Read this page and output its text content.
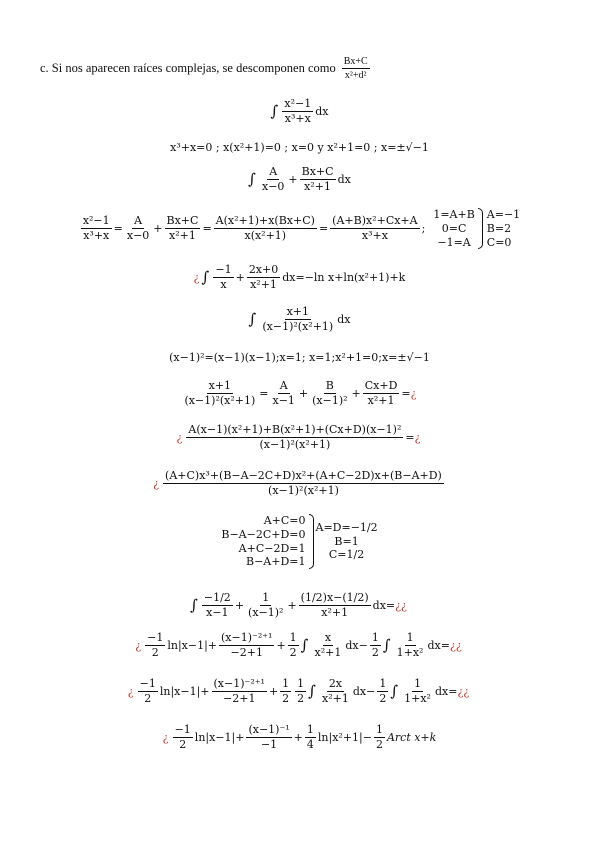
c. Si nos aparecen raíces complejas, se descomponen como $\frac{Bx+C}{\text{x²+d²}}$
∫ $\frac{\text{x²−1}}{\text{x³+x}}$ dx
x³+x=0 ; x(x²+1)=0 ; x=0 y x²+1=0 ; x=±√−1
∫ $\frac{A}{x-0} + \frac{Bx+C}{\text{x²+1}}$ dx
$\frac{\text{x²−1}}{\text{x³+x}} = \frac{A}{x-0} + \frac{Bx+C}{\text{x²+1}} = \frac{\text{A(x²+1)+x(Bx+C)}}{\text{x(x²+1)}} = \frac{\text{(A+B)x²+Cx+A}}{\text{x³+x}}$ ;
1=A+B
0=C
−1=A
A=−1
B=2
C=0
¿ ∫ $\frac{-1}{x} + \frac{2x+0}{\text{x²+1}} dx=-\ln$ x+ln(x²+1)+k
∫ $\frac{x+1}{\text{(x−1)²(x²+1)}}$ dx
(x−1)²=(x−1)(x−1);x=1; x=1;x²+1=0;x=±√−1
$\frac{x+1}{\text{(x−1)²(x²+1)}} = \frac{A}{x-1} + \frac{B}{\text{(x−1)²}} + \frac{Cx+D}{\text{x²+1}}$ = ¿
¿ $\frac{\text{A(x−1)(x²+1)+B(x²+1)+(Cx+D)(x−1)²}}{\text{(x−1)²(x²+1)}}$ = ¿
¿ $\frac{\text{(A+C)x³+(B−A−2C+D)x²+(A+C−2D)x+(B−A+D)}}{\text{(x−1)²(x²+1)}}$
A+C=0
B−A−2C+D=0
A+C−2D=1
B−A+D=1
A=D=−1/2
B=1
C=1/2
∫ $\frac{-1/2}{x-1} + \frac{1}{\text{(x−1)²}} + \frac{(1/2)x-(1/2)}{\text{x²+1}} dx=$ ¿¿
¿ $\frac{-1}{2} \ln|x-1|+ \frac{\text{(x−1)⁻²⁺¹}}{-2+1} + \frac{1}{2}$ ∫ $\frac{x}{\text{x²+1}} dx- \frac{1}{2}$ ∫ $\frac{1}{\text{1+x²}} dx=$ ¿¿
¿ $\frac{-1}{2} \ln|x-1|+ \frac{\text{(x−1)⁻²⁺¹}}{-2+1} + \frac{1}{2} \frac{1}{2}$ ∫ $\frac{2x}{\text{x²+1}} dx- \frac{1}{2}$ ∫ $\frac{1}{\text{1+x²}} dx=$ ¿¿
¿ $\frac{-1}{2} \ln|x-1|+ \frac{\text{(x−1)⁻¹}}{-1} + \frac{1}{4} \ln|x^2+1|- \frac{1}{2}$ Arct x+k
